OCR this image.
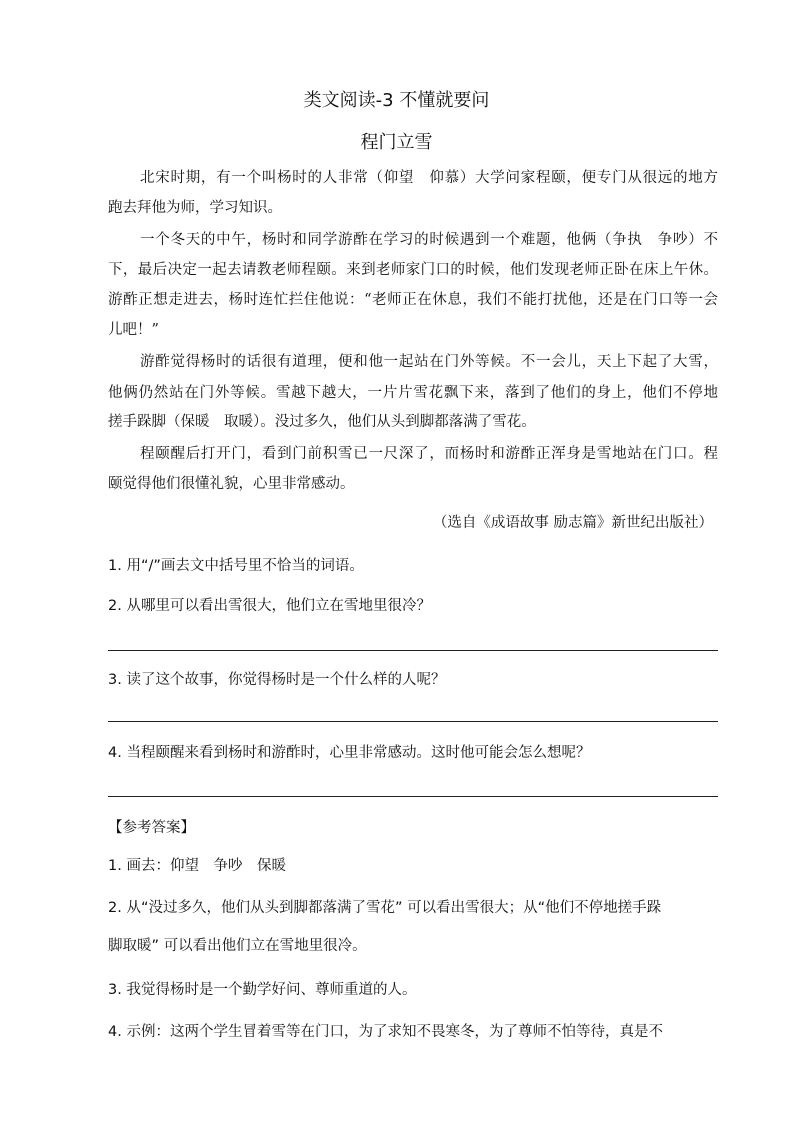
类文阅读-3 不懂就要问
程门立雪
北宋时期，有一个叫杨时的人非常（仰望　仰慕）大学问家程颐，便专门从很远的地方
跑去拜他为师，学习知识。
一个冬天的中午，杨时和同学游酢在学习的时候遇到一个难题，他俩（争执　争吵）不
下，最后决定一起去请教老师程颐。来到老师家门口的时候，他们发现老师正卧在床上午休。
游酢正想走进去，杨时连忙拦住他说：“老师正在休息，我们不能打扰他，还是在门口等一会
儿吧！”
游酢觉得杨时的话很有道理，便和他一起站在门外等候。不一会儿，天上下起了大雪，
他俩仍然站在门外等候。雪越下越大，一片片雪花飘下来，落到了他们的身上，他们不停地
搓手跺脚（保暖　取暖）。没过多久，他们从头到脚都落满了雪花。
程颐醒后打开门，看到门前积雪已一尺深了，而杨时和游酢正浑身是雪地站在门口。程
颐觉得他们很懂礼貌，心里非常感动。
（选自《成语故事 励志篇》新世纪出版社）
1. 用“/”画去文中括号里不恰当的词语。
2. 从哪里可以看出雪很大，他们立在雪地里很冷？
3. 读了这个故事，你觉得杨时是一个什么样的人呢？
4. 当程颐醒来看到杨时和游酢时，心里非常感动。这时他可能会怎么想呢？
【参考答案】
1. 画去：仰望　争吵　保暖
2. 从“没过多久，他们从头到脚都落满了雪花” 可以看出雪很大；从“他们不停地搓手跺
脚取暖” 可以看出他们立在雪地里很冷。
3. 我觉得杨时是一个勤学好问、尊师重道的人。
4. 示例：这两个学生冒着雪等在门口，为了求知不畏寒冬，为了尊师不怕等待，真是不
